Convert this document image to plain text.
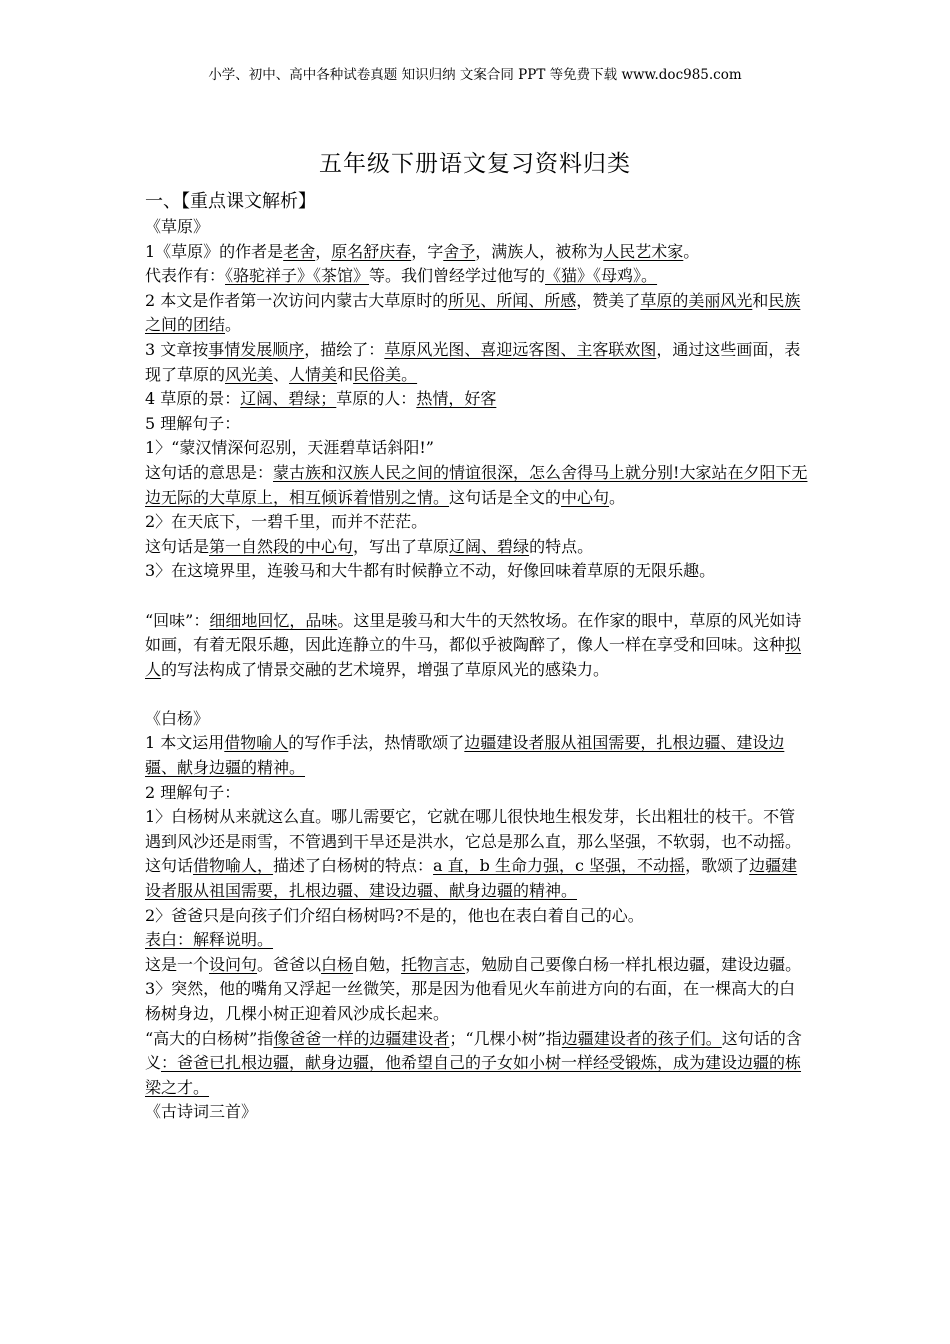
小学、初中、高中各种试卷真题 知识归纳 文案合同 PPT 等免费下载 www.doc985.com
五年级下册语文复习资料归类

一、【重点课文解析】

《草原》

1《草原》的作者是老舍，原名舒庆春，字舍予，满族人，被称为人民艺术家。

代表作有：《骆驼祥子》《茶馆》等。我们曾经学过他写的《猫》《母鸡》。

2 本文是作者第一次访问内蒙古大草原时的所见、所闻、所感，赞美了草原的美丽风光和民族之间的团结。

3 文章按事情发展顺序，描绘了：草原风光图、喜迎远客图、主客联欢图，通过这些画面，表现了草原的风光美、人情美和民俗美。

4 草原的景：辽阔、碧绿；草原的人：热情，好客

5 理解句子：

1〉“蒙汉情深何忍别，天涯碧草话斜阳!”

这句话的意思是：蒙古族和汉族人民之间的情谊很深，怎么舍得马上就分别!大家站在夕阳下无边无际的大草原上，相互倾诉着惜别之情。这句话是全文的中心句。

2〉在天底下，一碧千里，而并不茫茫。

这句话是第一自然段的中心句，写出了草原辽阔、碧绿的特点。

3〉在这境界里，连骏马和大牛都有时候静立不动，好像回味着草原的无限乐趣。

“回味”：细细地回忆，品味。这里是骏马和大牛的天然牧场。在作家的眼中，草原的风光如诗如画，有着无限乐趣，因此连静立的牛马，都似乎被陶醉了，像人一样在享受和回味。这种拟人的写法构成了情景交融的艺术境界，增强了草原风光的感染力。

《白杨》

1 本文运用借物喻人的写作手法，热情歌颂了边疆建设者服从祖国需要，扎根边疆、建设边疆、献身边疆的精神。

2 理解句子：

1〉白杨树从来就这么直。哪儿需要它，它就在哪儿很快地生根发芽，长出粗壮的枝干。不管遇到风沙还是雨雪，不管遇到干旱还是洪水，它总是那么直，那么坚强，不软弱，也不动摇。

这句话借物喻人，描述了白杨树的特点：a 直，b 生命力强，c 坚强，不动摇，歌颂了边疆建设者服从祖国需要，扎根边疆、建设边疆、献身边疆的精神。

2〉爸爸只是向孩子们介绍白杨树吗?不是的，他也在表白着自己的心。

表白：解释说明。

这是一个设问句。爸爸以白杨自勉，托物言志，勉励自己要像白杨一样扎根边疆，建设边疆。

3〉突然，他的嘴角又浮起一丝微笑，那是因为他看见火车前进方向的右面，在一棵高大的白杨树身边，几棵小树正迎着风沙成长起来。

“高大的白杨树”指像爸爸一样的边疆建设者；“几棵小树”指边疆建设者的孩子们。这句话的含义：爸爸已扎根边疆，献身边疆，他希望自己的子女如小树一样经受锻炼，成为建设边疆的栋梁之才。

《古诗词三首》
